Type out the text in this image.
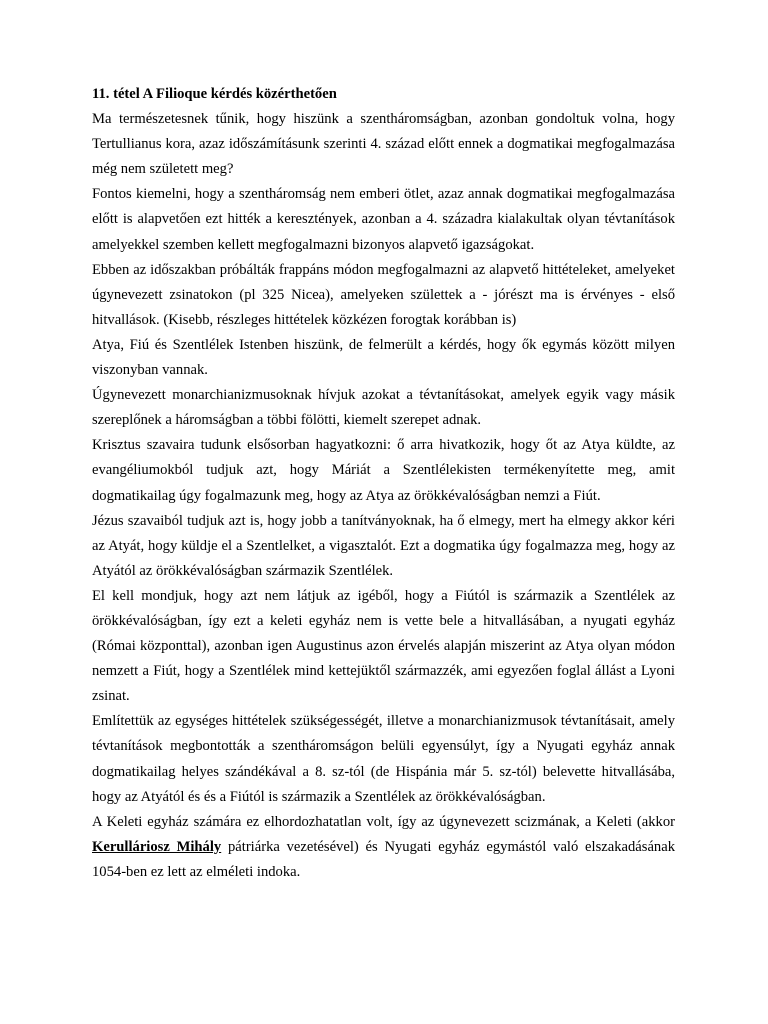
11. tétel A Filioque kérdés közérthetően

Ma természetesnek tűnik, hogy hiszünk a szentháromságban, azonban gondoltuk volna, hogy Tertullianus kora, azaz időszámításunk szerinti 4. század előtt ennek a dogmatikai megfogalmazása még nem született meg?

Fontos kiemelni, hogy a szentháromság nem emberi ötlet, azaz annak dogmatikai megfogalmazása előtt is alapvetően ezt hitték a keresztények, azonban a 4. századra kialakultak olyan tévtanítások amelyekkel szemben kellett megfogalmazni bizonyos alapvető igazságokat.

Ebben az időszakban próbálták frappáns módon megfogalmazni az alapvető hittételeket, amelyeket úgynevezett zsinatokon (pl 325 Nicea), amelyeken születtek a - jórészt ma is érvényes - első hitvallások. (Kisebb, részleges hittételek közkézen forogtak korábban is)

Atya, Fiú és Szentlélek Istenben hiszünk, de felmerült a kérdés, hogy ők egymás között milyen viszonyban vannak.

Úgynevezett monarchianizmusoknak hívjuk azokat a tévtanításokat, amelyek egyik vagy másik szereplőnek a háromságban a többi fölötti, kiemelt szerepet adnak.

Krisztus szavaira tudunk elsősorban hagyatkozni: ő arra hivatkozik, hogy őt az Atya küldte, az evangéliumokból tudjuk azt, hogy Máriát a Szentlélekisten termékenyítette meg, amit dogmatikailag úgy fogalmazunk meg, hogy az Atya az örökkévalóságban nemzi a Fiút.

Jézus szavaiból tudjuk azt is, hogy jobb a tanítványoknak, ha ő elmegy, mert ha elmegy akkor kéri az Atyát, hogy küldje el a Szentlelket, a vigasztalót. Ezt a dogmatika úgy fogalmazza meg, hogy az Atyától az örökkévalóságban származik Szentlélek.

El kell mondjuk, hogy azt nem látjuk az igéből, hogy a Fiútól is származik a Szentlélek az örökkévalóságban, így ezt a keleti egyház nem is vette bele a hitvallásában, a nyugati egyház (Római központtal), azonban igen Augustinus azon érvelés alapján miszerint az Atya olyan módon nemzett a Fiút, hogy a Szentlélek mind kettejüktől származzék, ami egyezően foglal állást a Lyoni zsinat.

Említettük az egységes hittételek szükségességét, illetve a monarchianizmusok tévtanításait, amely tévtanítások megbontották a szentháromságon belüli egyensúlyt, így a Nyugati egyház annak dogmatikailag helyes szándékával a 8. sz-tól (de Hispánia már 5. sz-tól) belevette hitvallásába, hogy az Atyától és és a Fiútól is származik a Szentlélek az örökkévalóságban.

A Keleti egyház számára ez elhordozhatatlan volt, így az úgynevezett scizmának, a Keleti (akkor Kerulláriosz Mihály pátriárka vezetésével) és Nyugati egyház egymástól való elszakadásának 1054-ben ez lett az elméleti indoka.
